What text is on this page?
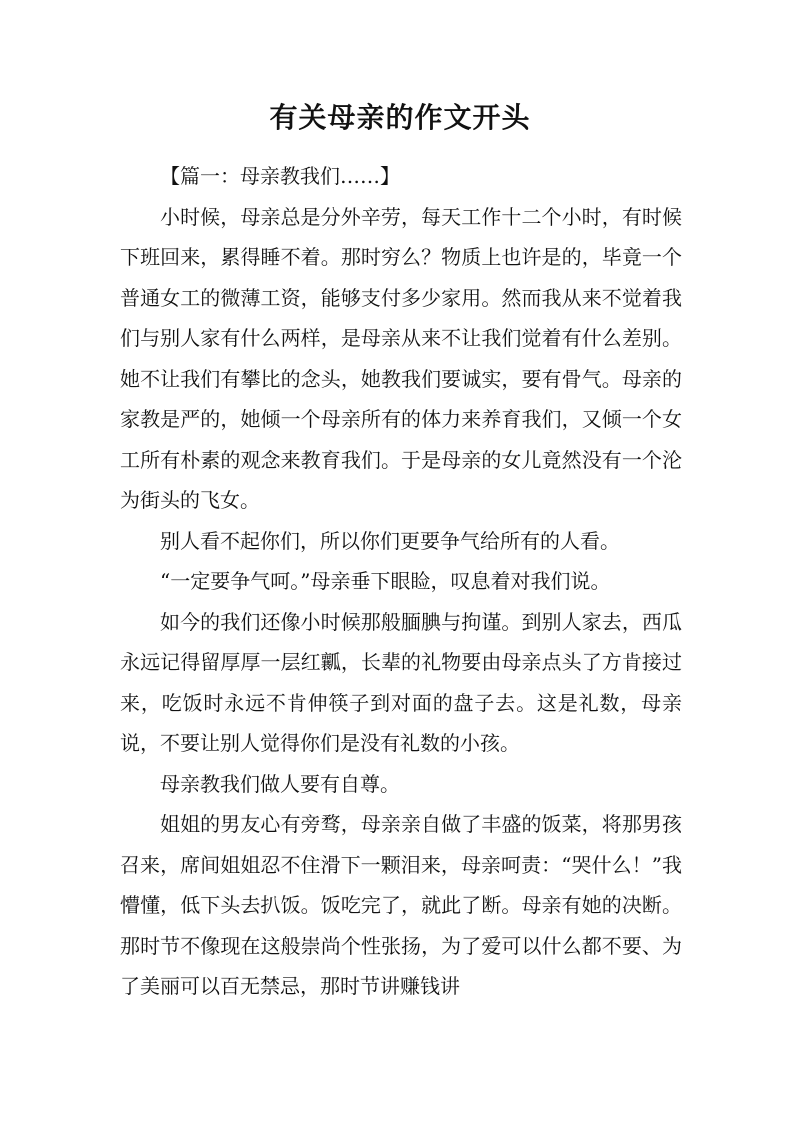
有关母亲的作文开头

【篇一：母亲教我们……】

小时候，母亲总是分外辛劳，每天工作十二个小时，有时候下班回来，累得睡不着。那时穷么？物质上也许是的，毕竟一个普通女工的微薄工资，能够支付多少家用。然而我从来不觉着我们与别人家有什么两样，是母亲从来不让我们觉着有什么差别。她不让我们有攀比的念头，她教我们要诚实，要有骨气。母亲的家教是严的，她倾一个母亲所有的体力来养育我们，又倾一个女工所有朴素的观念来教育我们。于是母亲的女儿竟然没有一个沦为街头的飞女。

别人看不起你们，所以你们更要争气给所有的人看。

“一定要争气呵。”母亲垂下眼睑，叹息着对我们说。

如今的我们还像小时候那般腼腆与拘谨。到别人家去，西瓜永远记得留厚厚一层红瓤，长辈的礼物要由母亲点头了方肯接过来，吃饭时永远不肯伸筷子到对面的盘子去。这是礼数，母亲说，不要让别人觉得你们是没有礼数的小孩。

母亲教我们做人要有自尊。

姐姐的男友心有旁骛，母亲亲自做了丰盛的饭菜，将那男孩召来，席间姐姐忍不住滑下一颗泪来，母亲呵责：“哭什么！”我懵懂，低下头去扒饭。饭吃完了，就此了断。母亲有她的决断。那时节不像现在这般崇尚个性张扬，为了爱可以什么都不要、为了美丽可以百无禁忌，那时节讲赚钱讲
